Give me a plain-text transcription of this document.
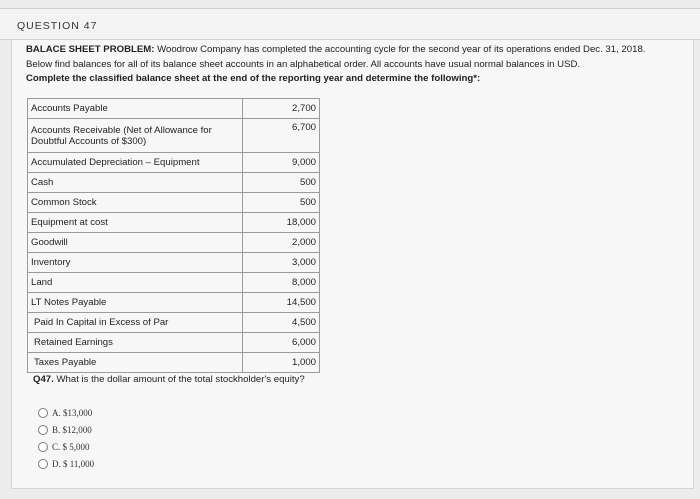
QUESTION 47

BALACE SHEET PROBLEM: Woodrow Company has completed the accounting cycle for the second year of its operations ended Dec. 31, 2018.

Below find balances for all of its balance sheet accounts in an alphabetical order. All accounts have usual normal balances in USD.

Complete the classified balance sheet at the end of the reporting year and determine the following*:

Accounts Payable	2,700

Accounts Receivable (Net of Allowance for
Doubtful Accounts of $300)	6,700
Accumulated Depreciation – Equipment	9,000
Cash	500
Common Stock	500
Equipment at cost	18,000
Goodwill	2,000
Inventory	3,000
Land	8,000
LT Notes Payable	14,500
Paid In Capital in Excess of Par	4,500
Retained Earnings	6,000
Taxes Payable	1,000
Q47. What is the dollar amount of the total stockholder's equity?
A. $13,000
B. $12,000
C. $ 5,000
D. $ 11,000
